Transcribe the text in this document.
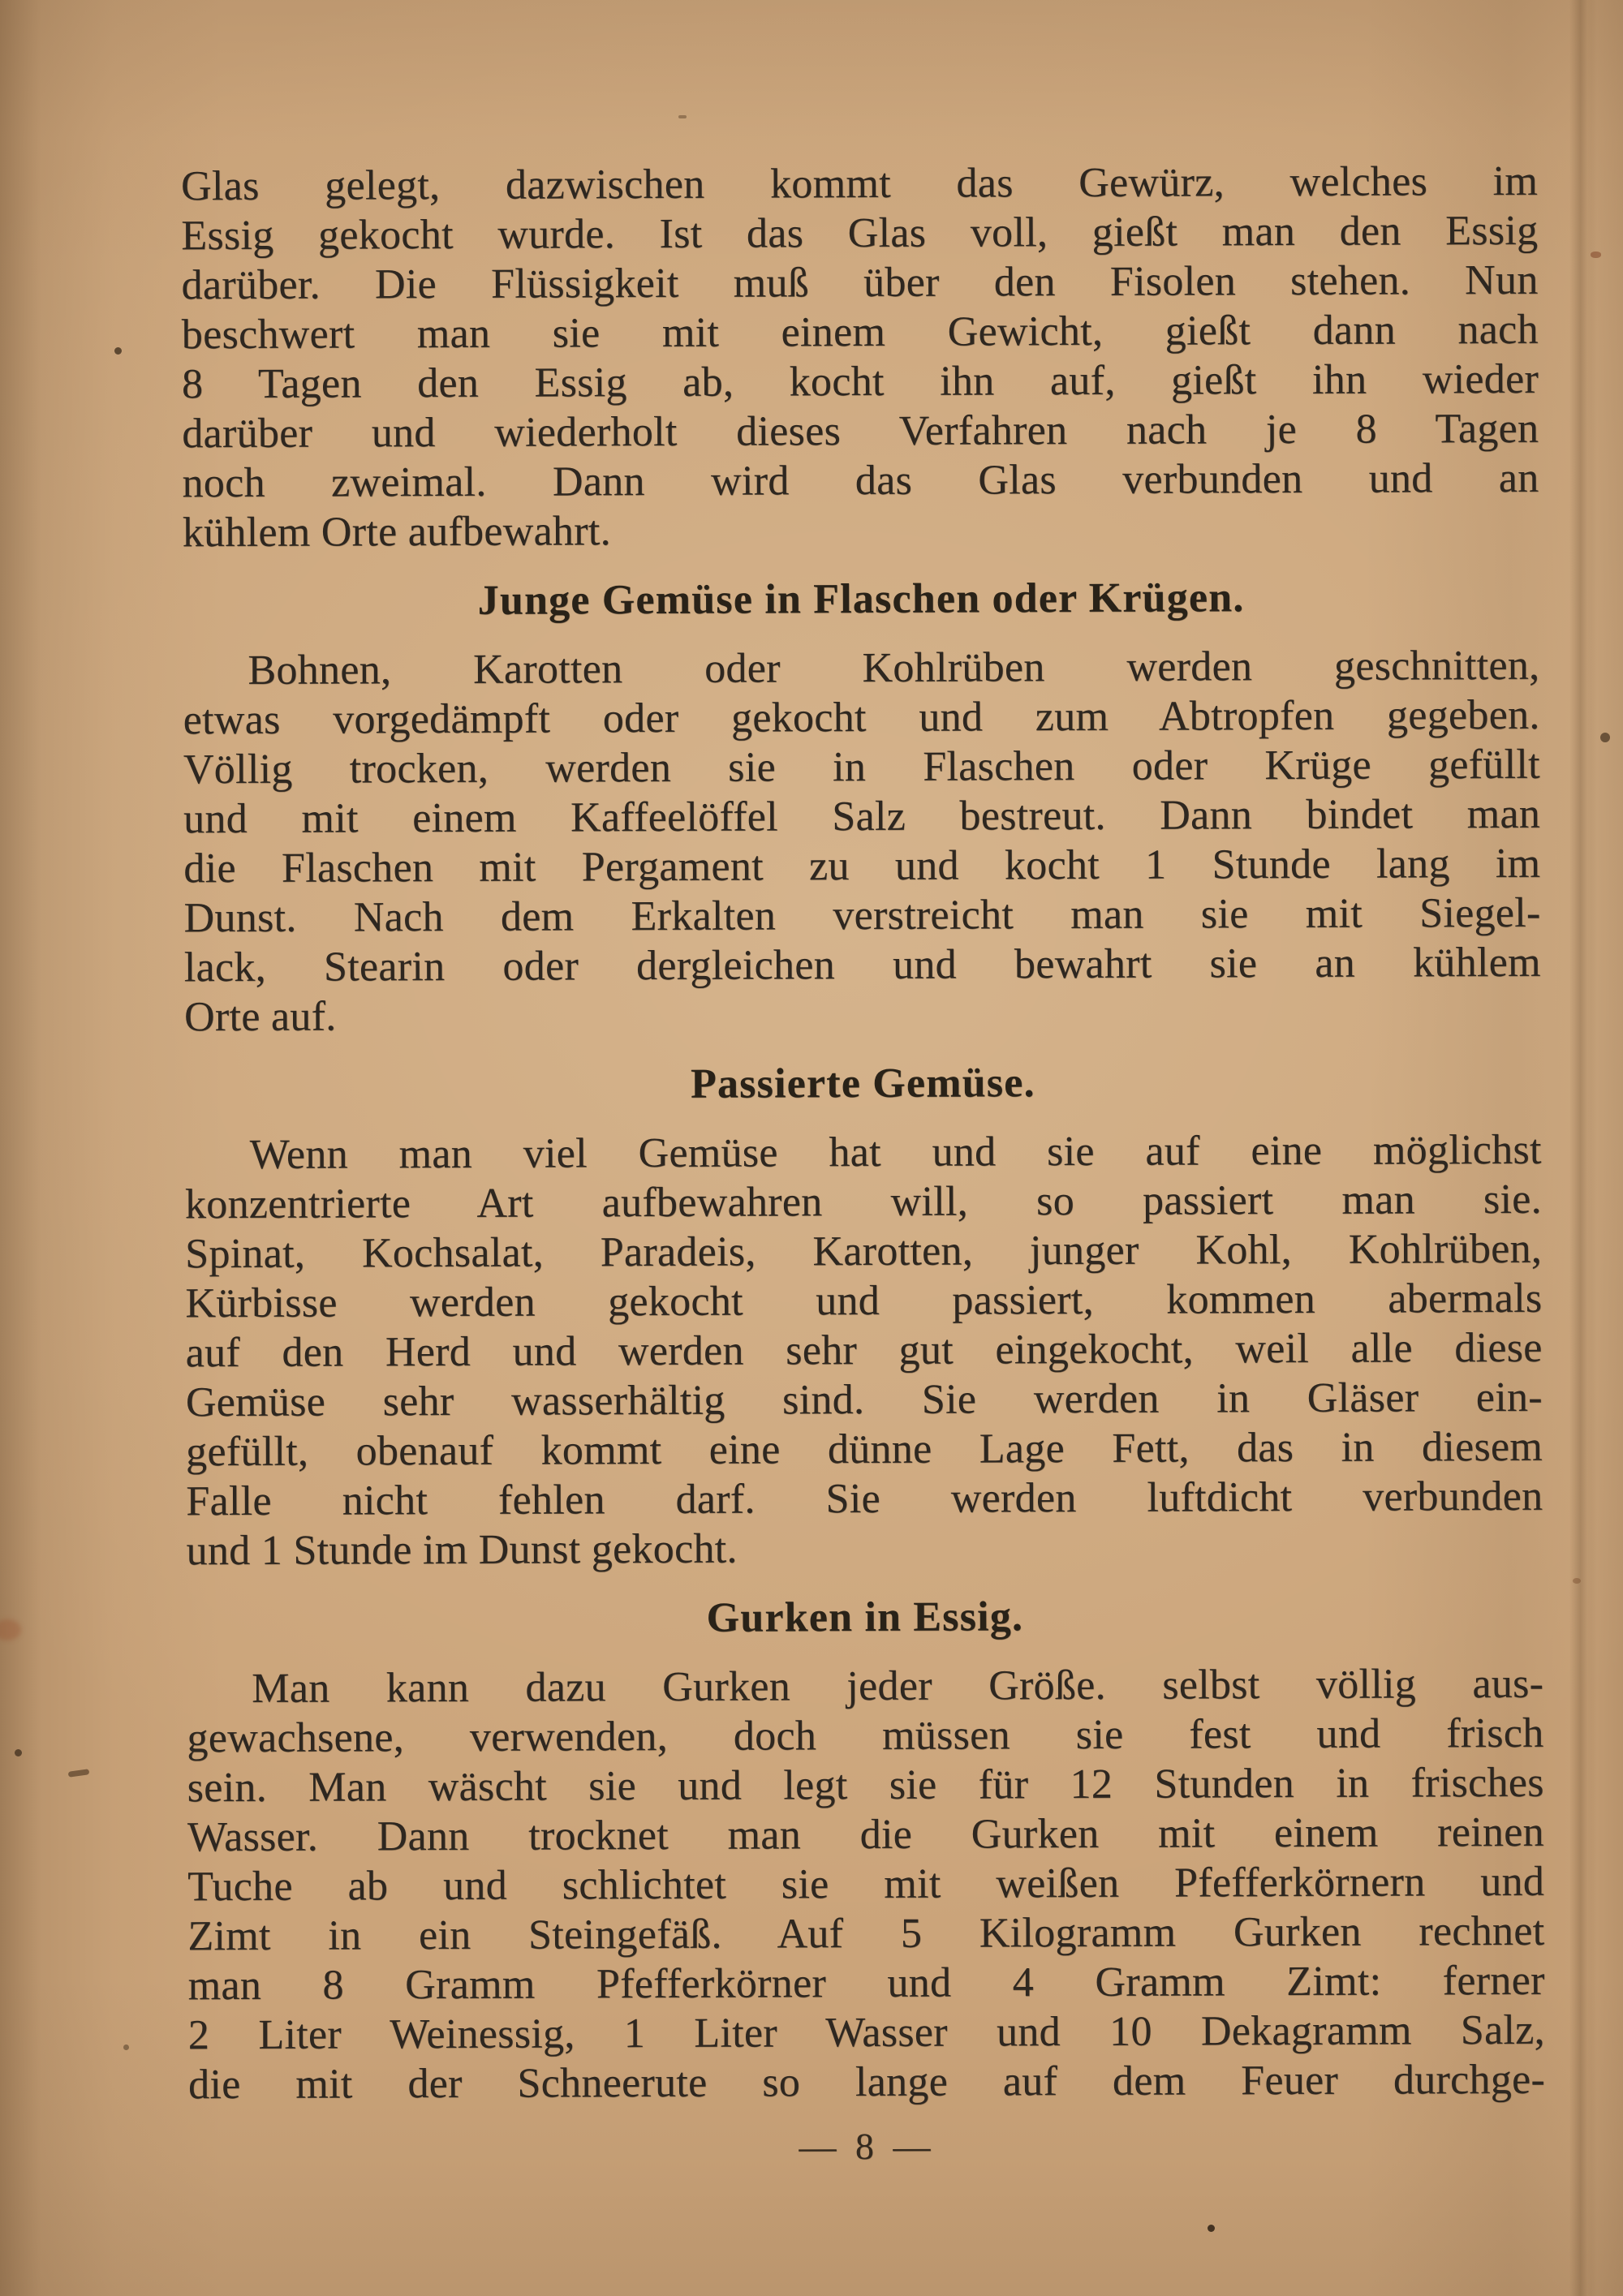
Glas gelegt, dazwischen kommt das Gewürz, welches im
Essig gekocht wurde. Ist das Glas voll, gießt man den Essig
darüber. Die Flüssigkeit muß über den Fisolen stehen. Nun
beschwert man sie mit einem Gewicht, gießt dann nach
8 Tagen den Essig ab, kocht ihn auf, gießt ihn wieder
darüber und wiederholt dieses Verfahren nach je 8 Tagen
noch zweimal. Dann wird das Glas verbunden und an
kühlem Orte aufbewahrt.
Junge Gemüse in Flaschen oder Krügen.
Bohnen, Karotten oder Kohlrüben werden geschnitten,
etwas vorgedämpft oder gekocht und zum Abtropfen gegeben.
Völlig trocken, werden sie in Flaschen oder Krüge gefüllt
und mit einem Kaffeelöffel Salz bestreut. Dann bindet man
die Flaschen mit Pergament zu und kocht 1 Stunde lang im
Dunst. Nach dem Erkalten verstreicht man sie mit Siegel-
lack, Stearin oder dergleichen und bewahrt sie an kühlem
Orte auf.
Passierte Gemüse.
Wenn man viel Gemüse hat und sie auf eine möglichst
konzentrierte Art aufbewahren will, so passiert man sie.
Spinat, Kochsalat, Paradeis, Karotten, junger Kohl, Kohlrüben,
Kürbisse werden gekocht und passiert, kommen abermals
auf den Herd und werden sehr gut eingekocht, weil alle diese
Gemüse sehr wasserhältig sind. Sie werden in Gläser ein-
gefüllt, obenauf kommt eine dünne Lage Fett, das in diesem
Falle nicht fehlen darf. Sie werden luftdicht verbunden
und 1 Stunde im Dunst gekocht.
Gurken in Essig.
Man kann dazu Gurken jeder Größe. selbst völlig aus-
gewachsene, verwenden, doch müssen sie fest und frisch
sein. Man wäscht sie und legt sie für 12 Stunden in frisches
Wasser. Dann trocknet man die Gurken mit einem reinen
Tuche ab und schlichtet sie mit weißen Pfefferkörnern und
Zimt in ein Steingefäß. Auf 5 Kilogramm Gurken rechnet
man 8 Gramm Pfefferkörner und 4 Gramm Zimt: ferner
2 Liter Weinessig, 1 Liter Wasser und 10 Dekagramm Salz,
die mit der Schneerute so lange auf dem Feuer durchge-
— 8 —
